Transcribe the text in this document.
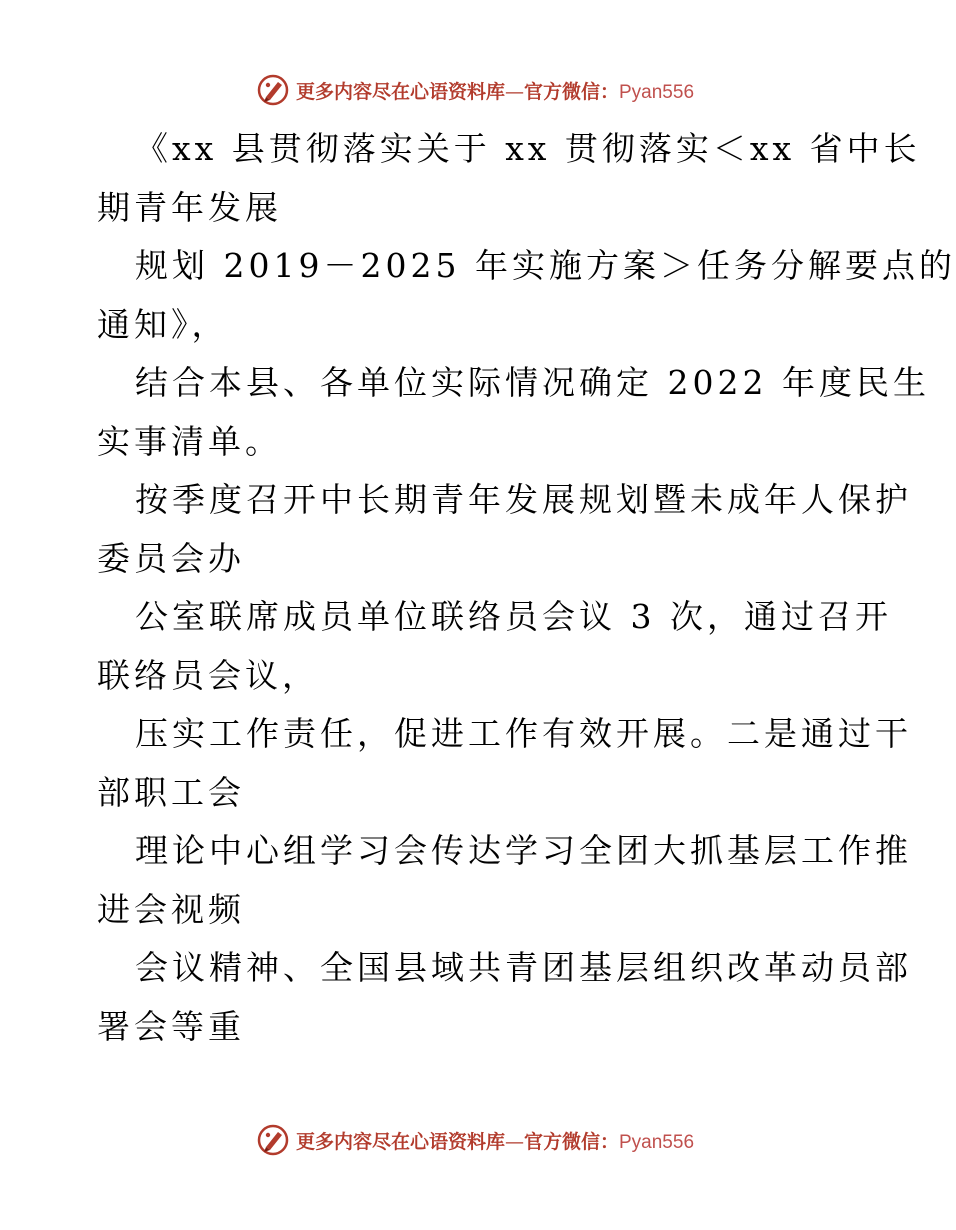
更多内容尽在心语资料库—官方微信：Pyan556
《xx 县贯彻落实关于 xx 贯彻落实＜xx 省中长
期青年发展
规划 2019－2025 年实施方案＞任务分解要点的
通知》，
结合本县、各单位实际情况确定 2022 年度民生
实事清单。
按季度召开中长期青年发展规划暨未成年人保护
委员会办
公室联席成员单位联络员会议 3 次，通过召开
联络员会议，
压实工作责任，促进工作有效开展。二是通过干
部职工会
理论中心组学习会传达学习全团大抓基层工作推
进会视频
会议精神、全国县域共青团基层组织改革动员部
署会等重
更多内容尽在心语资料库—官方微信：Pyan556
